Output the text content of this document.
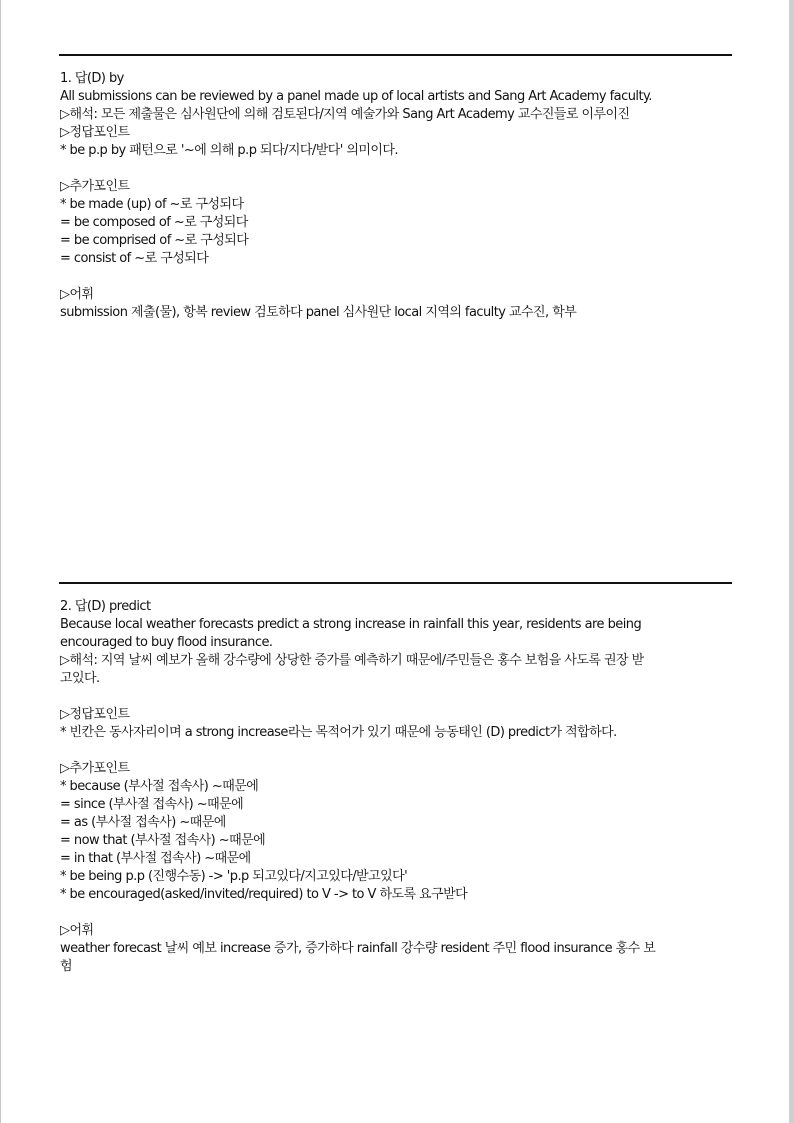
1. 답(D) by
All submissions can be reviewed by a panel made up of local artists and Sang Art Academy faculty.
▷해석: 모든 제출물은 심사원단에 의해 검토된다/지역 예술가와 Sang Art Academy 교수진들로 이루이진
▷정답포인트
* be p.p by 패턴으로 '~에 의해 p.p 되다/지다/받다' 의미이다.
▷추가포인트
* be made (up) of ~로 구성되다
= be composed of ~로 구성되다
= be comprised of ~로 구성되다
= consist of ~로 구성되다
▷어휘
submission 제출(물), 항복 review 검토하다 panel 심사원단 local 지역의 faculty 교수진, 학부
2. 답(D) predict
Because local weather forecasts predict a strong increase in rainfall this year, residents are being
encouraged to buy flood insurance.
▷해석: 지역 날씨 예보가 올해 강수량에 상당한 증가를 예측하기 때문에/주민들은 홍수 보험을 사도록 권장 받
고있다.
▷정답포인트
* 빈칸은 동사자리이며 a strong increase라는 목적어가 있기 때문에 능동태인 (D) predict가 적합하다.
▷추가포인트
* because (부사절 접속사) ~때문에
= since (부사절 접속사) ~때문에
= as (부사절 접속사) ~때문에
= now that (부사절 접속사) ~때문에
= in that (부사절 접속사) ~때문에
* be being p.p (진행수동) -> 'p.p 되고있다/지고있다/받고있다'
* be encouraged(asked/invited/required) to V -> to V 하도록 요구받다
▷어휘
weather forecast 날씨 예보 increase 증가, 증가하다 rainfall 강수량 resident 주민 flood insurance 홍수 보
험
